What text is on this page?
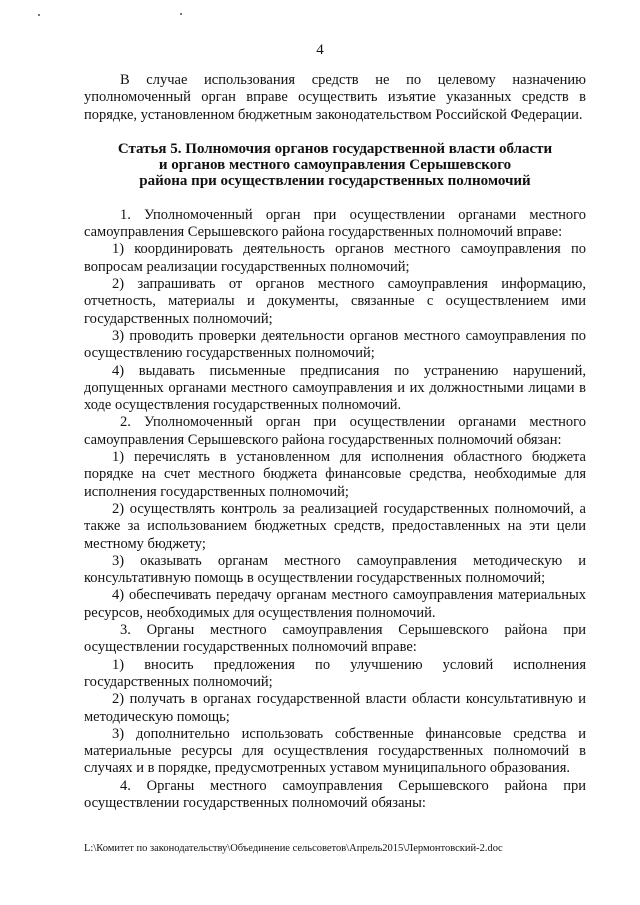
4

В случае использования средств не по целевому назначению уполномоченный орган вправе осуществить изъятие указанных средств в порядке, установленном бюджетным законодательством Российской Федерации.

Статья 5. Полномочия органов государственной власти области
и органов местного самоуправления Серышевского
района при осуществлении государственных полномочий

1. Уполномоченный орган при осуществлении органами местного самоуправления Серышевского района государственных полномочий вправе:

1) координировать деятельность органов местного самоуправления по вопросам реализации государственных полномочий;

2) запрашивать от органов местного самоуправления информацию, отчетность, материалы и документы, связанные с осуществлением ими государственных полномочий;

3) проводить проверки деятельности органов местного самоуправления по осуществлению государственных полномочий;

4) выдавать письменные предписания по устранению нарушений, допущенных органами местного самоуправления и их должностными лицами в ходе осуществления государственных полномочий.

2. Уполномоченный орган при осуществлении органами местного самоуправления Серышевского района государственных полномочий обязан:

1) перечислять в установленном для исполнения областного бюджета порядке на счет местного бюджета финансовые средства, необходимые для исполнения государственных полномочий;

2) осуществлять контроль за реализацией государственных полномочий, а также за использованием бюджетных средств, предоставленных на эти цели местному бюджету;

3) оказывать органам местного самоуправления методическую и консультативную помощь в осуществлении государственных полномочий;

4) обеспечивать передачу органам местного самоуправления материальных ресурсов, необходимых для осуществления полномочий.

3. Органы местного самоуправления Серышевского района при осуществлении государственных полномочий вправе:

1) вносить предложения по улучшению условий исполнения государственных полномочий;

2) получать в органах государственной власти области консультативную и методическую помощь;

3) дополнительно использовать собственные финансовые средства и материальные ресурсы для осуществления государственных полномочий в случаях и в порядке, предусмотренных уставом муниципального образования.

4. Органы местного самоуправления Серышевского района при осуществлении государственных полномочий обязаны:

L:\Комитет по законодательству\Объединение сельсоветов\Апрель2015\Лермонтовский-2.doc
